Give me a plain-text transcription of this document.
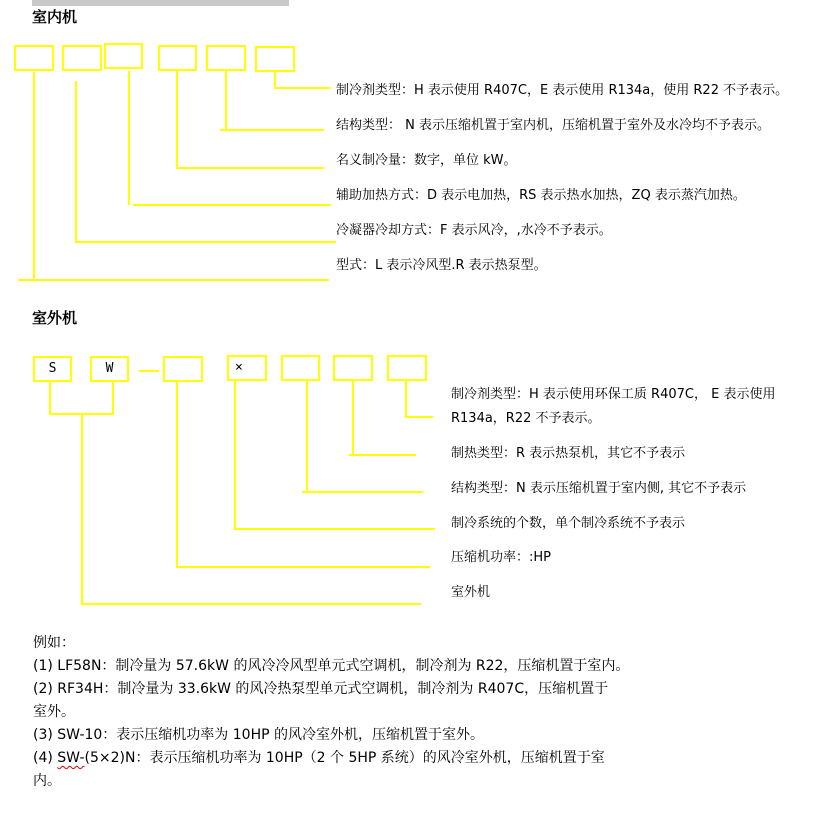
室内机
制冷剂类型：H 表示使用 R407C，E 表示使用 R134a，使用 R22 不予表示。
结构类型： N 表示压缩机置于室内机，压缩机置于室外及水冷均不予表示。
名义制冷量：数字，单位 kW。
辅助加热方式：D 表示电加热，RS 表示热水加热，ZQ 表示蒸汽加热。
冷凝器冷却方式：F 表示风冷，,水冷不予表示。
型式：L 表示冷风型.R 表示热泵型。
室外机
S	W	×
制冷剂类型：H 表示使用环保工质 R407C， E 表示使用
R134a，R22 不予表示。
制热类型：R 表示热泵机，其它不予表示
结构类型：N 表示压缩机置于室内侧, 其它不予表示
制冷系统的个数，单个制冷系统不予表示
压缩机功率：:HP
室外机
例如：
(1) LF58N：制冷量为 57.6kW 的风冷冷风型单元式空调机，制冷剂为 R22，压缩机置于室内。
(2) RF34H：制冷量为 33.6kW 的风冷热泵型单元式空调机，制冷剂为 R407C，压缩机置于
室外。
(3) SW-10：表示压缩机功率为 10HP 的风冷室外机，压缩机置于室外。
(4) SW-(5×2)N：表示压缩机功率为 10HP（2 个 5HP 系统）的风冷室外机，压缩机置于室
内。
